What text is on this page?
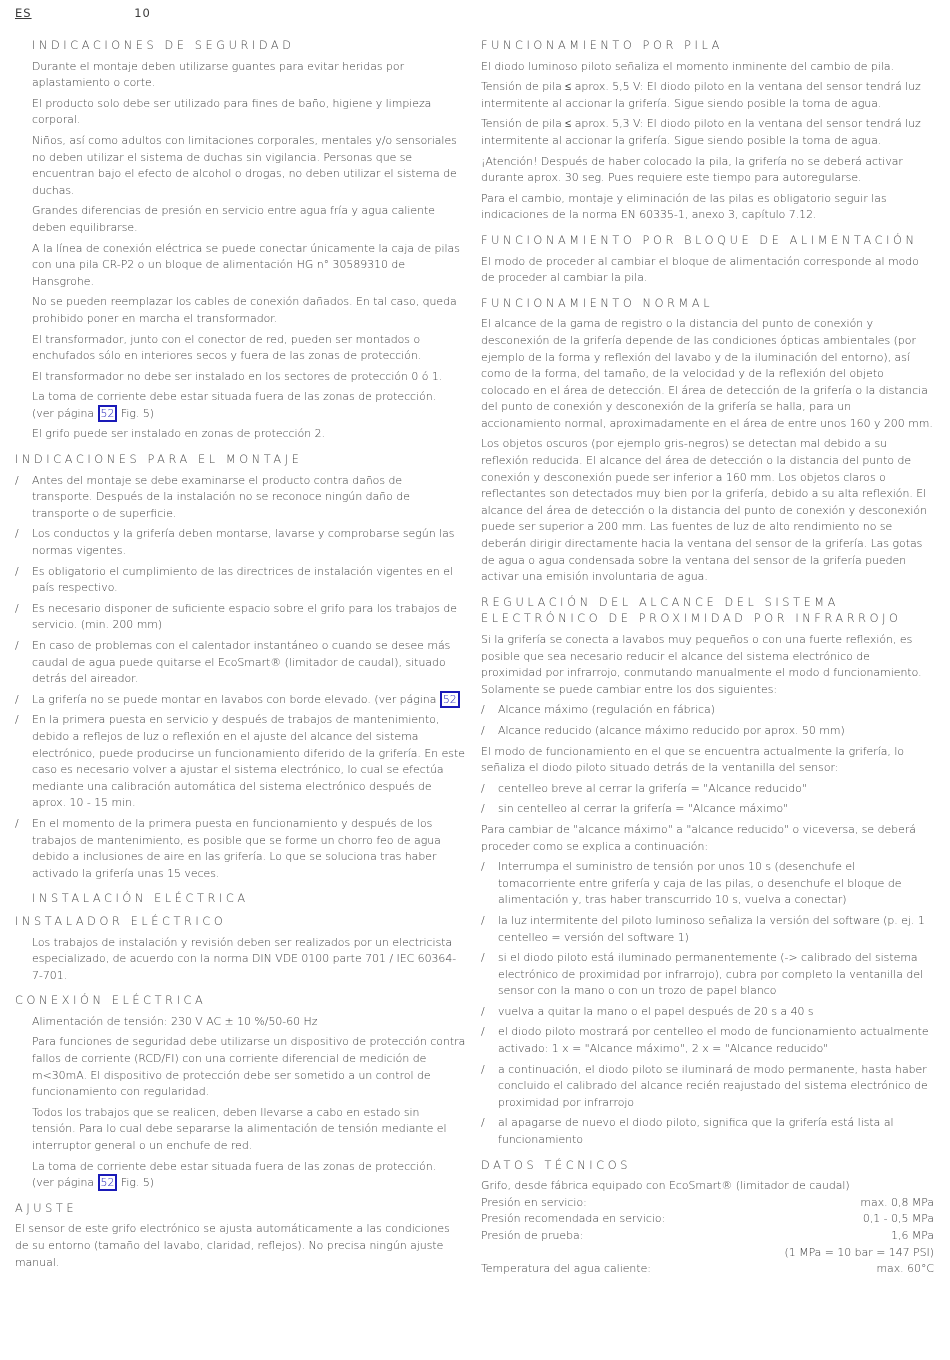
ES	10
INDICACIONES DE SEGURIDAD

Durante el montaje deben utilizarse guantes para evitar heridas por aplastamiento o corte.

El producto solo debe ser utilizado para fines de baño, higiene y limpieza corporal.

Niños, así como adultos con limitaciones corporales, mentales y/o sensoriales no deben utilizar el sistema de duchas sin vigilancia. Personas que se encuentran bajo el efecto de alcohol o drogas, no deben utilizar el sistema de duchas.

Grandes diferencias de presión en servicio entre agua fría y agua caliente deben equilibrarse.

A la línea de conexión eléctrica se puede conectar únicamente la caja de pilas con una pila CR-P2 o un bloque de alimentación HG n° 30589310 de Hansgrohe.

No se pueden reemplazar los cables de conexión dañados. En tal caso, queda prohibido poner en marcha el transformador.

El transformador, junto con el conector de red, pueden ser montados o enchufados sólo en interiores secos y fuera de las zonas de protección.

El transformador no debe ser instalado en los sectores de protección 0 ó 1.

La toma de corriente debe estar situada fuera de las zonas de protección.
(ver página 52 Fig. 5)

El grifo puede ser instalado en zonas de protección 2.

INDICACIONES PARA EL MONTAJE
/ Antes del montaje se debe examinarse el producto contra daños de transporte. Después de la instalación no se reconoce ningún daño de transporte o de superficie.
/ Los conductos y la grifería deben montarse, lavarse y comprobarse según las normas vigentes.
/ Es obligatorio el cumplimiento de las directrices de instalación vigentes en el país respectivo.
/ Es necesario disponer de suficiente espacio sobre el grifo para los trabajos de servicio. (min. 200 mm)
/ En caso de problemas con el calentador instantáneo o cuando se desee más caudal de agua puede quitarse el EcoSmart® (limitador de caudal), situado detrás del aireador.
/ La grifería no se puede montar en lavabos con borde elevado. (ver página 52
/ En la primera puesta en servicio y después de trabajos de mantenimiento, debido a reflejos de luz o reflexión en el ajuste del alcance del sistema electrónico, puede producirse un funcionamiento diferido de la grifería. En este caso es necesario volver a ajustar el sistema electrónico, lo cual se efectúa mediante una calibración automática del sistema electrónico después de aprox. 10 - 15 min.
/ En el momento de la primera puesta en funcionamiento y después de los trabajos de mantenimiento, es posible que se forme un chorro feo de agua debido a inclusiones de aire en las grifería. Lo que se soluciona tras haber activado la grifería unas 15 veces.
INSTALACIÓN ELÉCTRICA
INSTALADOR ELÉCTRICO

Los trabajos de instalación y revisión deben ser realizados por un electricista especializado, de acuerdo con la norma DIN VDE 0100 parte 701 / IEC 60364-7-701.

CONEXIÓN ELÉCTRICA

Alimentación de tensión: 230 V AC ± 10 %/50-60 Hz

Para funciones de seguridad debe utilizarse un dispositivo de protección contra fallos de corriente (RCD/FI) con una corriente diferencial de medición de m<30mA. El dispositivo de protección debe ser sometido a un control de funcionamiento con regularidad.

Todos los trabajos que se realicen, deben llevarse a cabo en estado sin tensión. Para lo cual debe separarse la alimentación de tensión mediante el interruptor general o un enchufe de red.

La toma de corriente debe estar situada fuera de las zonas de protección.
(ver página 52 Fig. 5)

AJUSTE

El sensor de este grifo electrónico se ajusta automáticamente a las condiciones de su entorno (tamaño del lavabo, claridad, reflejos). No precisa ningún ajuste manual.

FUNCIONAMIENTO POR PILA

El diodo luminoso piloto señaliza el momento inminente del cambio de pila.

Tensión de pila ≤ aprox. 5,5 V: El diodo piloto en la ventana del sensor tendrá luz intermitente al accionar la grifería. Sigue siendo posible la toma de agua.

Tensión de pila ≤ aprox. 5,3 V: El diodo piloto en la ventana del sensor tendrá luz intermitente al accionar la grifería. Sigue siendo posible la toma de agua.

¡Atención! Después de haber colocado la pila, la grifería no se deberá activar durante aprox. 30 seg. Pues requiere este tiempo para autoregularse.

Para el cambio, montaje y eliminación de las pilas es obligatorio seguir las indicaciones de la norma EN 60335-1, anexo 3, capítulo 7.12.

FUNCIONAMIENTO POR BLOQUE DE ALIMENTACIÓN

El modo de proceder al cambiar el bloque de alimentación corresponde al modo de proceder al cambiar la pila.

FUNCIONAMIENTO NORMAL

El alcance de la gama de registro o la distancia del punto de conexión y desconexión de la grifería depende de las condiciones ópticas ambientales (por ejemplo de la forma y reflexión del lavabo y de la iluminación del entorno), así como de la forma, del tamaño, de la velocidad y de la reflexión del objeto colocado en el área de detección. El área de detección de la grifería o la distancia del punto de conexión y desconexión de la grifería se halla, para un accionamiento normal, aproximadamente en el área de entre unos 160 y 200 mm.

Los objetos oscuros (por ejemplo gris-negros) se detectan mal debido a su reflexión reducida. El alcance del área de detección o la distancia del punto de conexión y desconexión puede ser inferior a 160 mm. Los objetos claros o reflectantes son detectados muy bien por la grifería, debido a su alta reflexión. El alcance del área de detección o la distancia del punto de conexión y desconexión puede ser superior a 200 mm. Las fuentes de luz de alto rendimiento no se deberán dirigir directamente hacia la ventana del sensor de la grifería. Las gotas de agua o agua condensada sobre la ventana del sensor de la grifería pueden activar una emisión involuntaria de agua.

REGULACIÓN DEL ALCANCE DEL SISTEMA ELECTRÓNICO DE PROXIMIDAD POR INFRARROJO

Si la grifería se conecta a lavabos muy pequeños o con una fuerte reflexión, es posible que sea necesario reducir el alcance del sistema electrónico de proximidad por infrarrojo, conmutando manualmente el modo d funcionamiento. Solamente se puede cambiar entre los dos siguientes:

/ Alcance máximo (regulación en fábrica)
/ Alcance reducido (alcance máximo reducido por aprox. 50 mm)

El modo de funcionamiento en el que se encuentra actualmente la grifería, lo señaliza el diodo piloto situado detrás de la ventanilla del sensor:

/ centelleo breve al cerrar la grifería = "Alcance reducido"
/ sin centelleo al cerrar la grifería = "Alcance máximo"

Para cambiar de "alcance máximo" a "alcance reducido" o viceversa, se deberá proceder como se explica a continuación:

/ Interrumpa el suministro de tensión por unos 10 s (desenchufe el tomacorriente entre grifería y caja de las pilas, o desenchufe el bloque de alimentación y, tras haber transcurrido 10 s, vuelva a conectar)
/ la luz intermitente del piloto luminoso señaliza la versión del software (p. ej. 1 centelleo = versión del software 1)
/ si el diodo piloto está iluminado permanentemente (-> calibrado del sistema electrónico de proximidad por infrarrojo), cubra por completo la ventanilla del sensor con la mano o con un trozo de papel blanco
/ vuelva a quitar la mano o el papel después de 20 s a 40 s
/ el diodo piloto mostrará por centelleo el modo de funcionamiento actualmente activado: 1 x = "Alcance máximo", 2 x = "Alcance reducido"
/ a continuación, el diodo piloto se iluminará de modo permanente, hasta haber concluido el calibrado del alcance recién reajustado del sistema electrónico de proximidad por infrarrojo
/ al apagarse de nuevo el diodo piloto, significa que la grifería está lista al funcionamiento
DATOS TÉCNICOS

Grifo, desde fábrica equipado con EcoSmart® (limitador de caudal)

Presión en servicio:	max. 0,8 MPa
Presión recomendada en servicio:	0,1 - 0,5 MPa
Presión de prueba:	1,6 MPa
	(1 MPa = 10 bar = 147 PSI)
Temperatura del agua caliente:	max. 60°C
